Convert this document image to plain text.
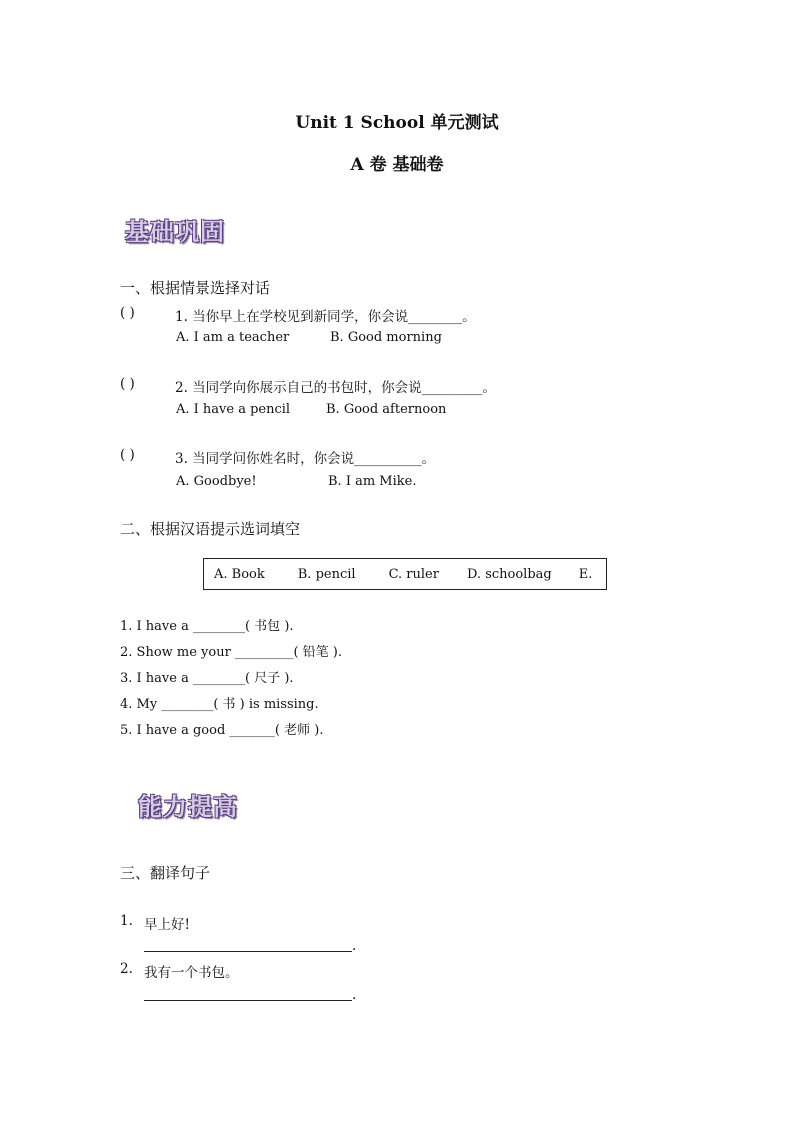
Unit 1 School 单元测试
A 卷 基础卷
基础巩固
一、根据情景选择对话
( )	1. 当你早上在学校见到新同学，你会说________。
A. I am a teacher	B. Good morning
( )	2. 当同学向你展示自己的书包时，你会说_________。
A. I have a pencil	B. Good afternoon
( )	3. 当同学问你姓名时，你会说__________。
A. Goodbye!	B. I am Mike.
二、根据汉语提示选词填空
A. Book	B. pencil	C. ruler D. schoolbag E.
1. I have a ________( 书包 ).
2. Show me your _________( 铅笔 ).
3. I have a ________( 尺子 ).
4. My ________( 书 ) is missing.
5. I have a good _______( 老师 ).
能力提高
三、翻译句子
1. 早上好!
.
2. 我有一个书包。
.
